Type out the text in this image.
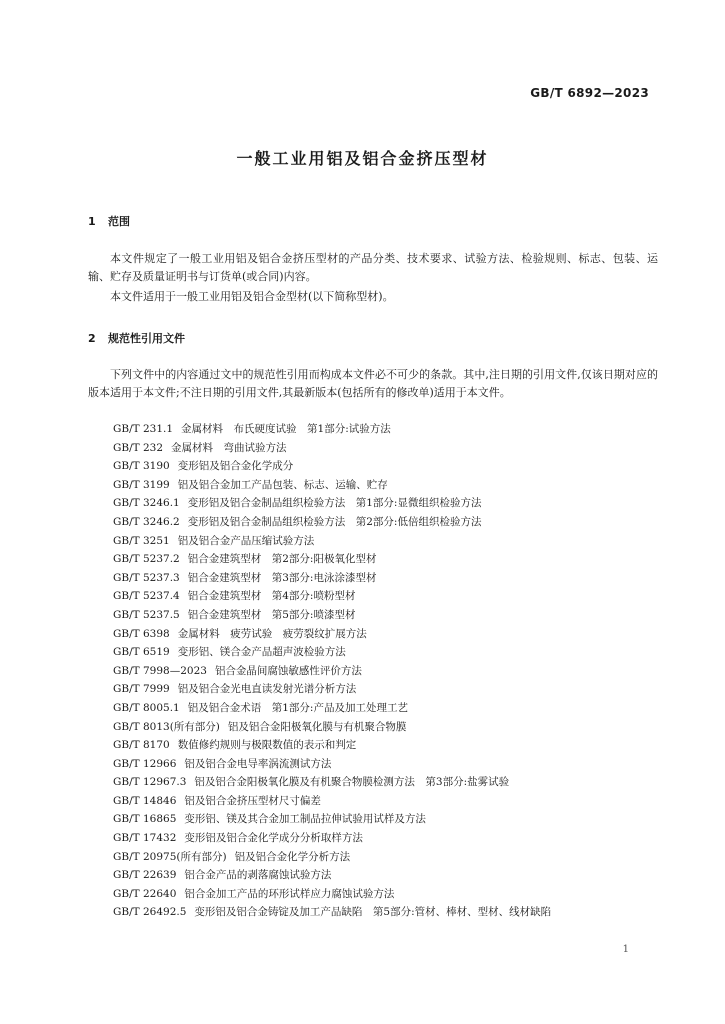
GB/T 6892—2023
一般工业用铝及铝合金挤压型材
1 范围
本文件规定了一般工业用铝及铝合金挤压型材的产品分类、技术要求、试验方法、检验规则、标志、包装、运输、贮存及质量证明书与订货单(或合同)内容。
本文件适用于一般工业用铝及铝合金型材(以下简称型材)。
2 规范性引用文件
下列文件中的内容通过文中的规范性引用而构成本文件必不可少的条款。其中,注日期的引用文件,仅该日期对应的版本适用于本文件;不注日期的引用文件,其最新版本(包括所有的修改单)适用于本文件。
GB/T 231.1 金属材料　布氏硬度试验　第1部分:试验方法
GB/T 232 金属材料　弯曲试验方法
GB/T 3190 变形铝及铝合金化学成分
GB/T 3199 铝及铝合金加工产品包装、标志、运输、贮存
GB/T 3246.1 变形铝及铝合金制品组织检验方法　第1部分:显微组织检验方法
GB/T 3246.2 变形铝及铝合金制品组织检验方法　第2部分:低倍组织检验方法
GB/T 3251 铝及铝合金产品压缩试验方法
GB/T 5237.2 铝合金建筑型材　第2部分:阳极氧化型材
GB/T 5237.3 铝合金建筑型材　第3部分:电泳涂漆型材
GB/T 5237.4 铝合金建筑型材　第4部分:喷粉型材
GB/T 5237.5 铝合金建筑型材　第5部分:喷漆型材
GB/T 6398 金属材料　疲劳试验　疲劳裂纹扩展方法
GB/T 6519 变形铝、镁合金产品超声波检验方法
GB/T 7998—2023 铝合金晶间腐蚀敏感性评价方法
GB/T 7999 铝及铝合金光电直读发射光谱分析方法
GB/T 8005.1 铝及铝合金术语　第1部分:产品及加工处理工艺
GB/T 8013(所有部分) 铝及铝合金阳极氧化膜与有机聚合物膜
GB/T 8170 数值修约规则与极限数值的表示和判定
GB/T 12966 铝及铝合金电导率涡流测试方法
GB/T 12967.3 铝及铝合金阳极氧化膜及有机聚合物膜检测方法　第3部分:盐雾试验
GB/T 14846 铝及铝合金挤压型材尺寸偏差
GB/T 16865 变形铝、镁及其合金加工制品拉伸试验用试样及方法
GB/T 17432 变形铝及铝合金化学成分分析取样方法
GB/T 20975(所有部分) 铝及铝合金化学分析方法
GB/T 22639 铝合金产品的剥落腐蚀试验方法
GB/T 22640 铝合金加工产品的环形试样应力腐蚀试验方法
GB/T 26492.5 变形铝及铝合金铸锭及加工产品缺陷　第5部分:管材、棒材、型材、线材缺陷
1
